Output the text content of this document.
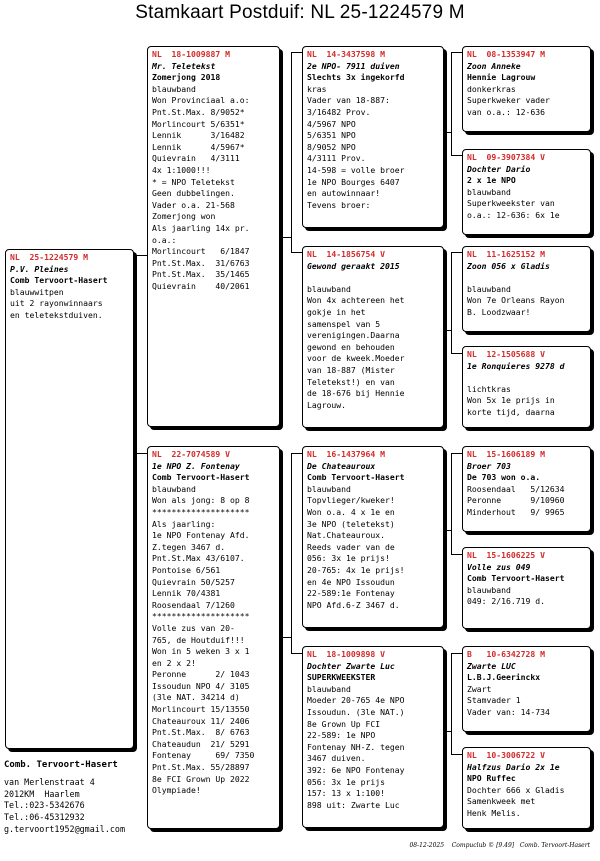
Stamkaart Postduif: NL 25-1224579 M
NL  25-1224579 M
P.V. Pleines
Comb Tervoort-Hasert
blauwwitpen
uit 2 rayonwinnaars
en teletekstduiven.
NL  18-1009887 M
Mr. Teletekst
Zomerjong 2018
blauwband
Won Provinciaal a.o:
Pnt.St.Max. 8/9052*
Morlincourt 5/6351*
Lennik      3/16482
Lennik      4/5967*
Quievrain   4/3111
4x 1:1000!!!
* = NPO Teletekst
Geen dubbelingen.
Vader o.a. 21-568
Zomerjong won
Als jaarling 14x pr.
o.a.:
Morlincourt   6/1847
Pnt.St.Max.  31/6763
Pnt.St.Max.  35/1465
Quievrain    40/2061
NL  22-7074589 V
1e NPO Z. Fontenay
Comb Tervoort-Hasert
blauwband
Won als jong: 8 op 8
********************
Als jaarling:
1e NPO Fontenay Afd.
Z.tegen 3467 d.
Pnt.St.Max 43/6107.
Pontoise 6/561
Quievrain 50/5257
Lennik 70/4381
Roosendaal 7/1260
********************
Volle zus van 20-
765, de Houtduif!!!
Won in 5 weken 3 x 1
en 2 x 2!
Peronne      2/ 1043
Issoudun NPO 4/ 3105
(3le NAT. 34214 d)
Morlincourt 15/13550
Chateauroux 11/ 2406
Pnt.St.Max.  8/ 6763
Chateaudun  21/ 5291
Fontenay     69/ 7350
Pnt.St.Max. 55/28897
8e FCI Grown Up 2022
Olympiade!
NL  14-3437598 M
2e NPO- 7911 duiven
Slechts 3x ingekorfd
kras
Vader van 18-887:
3/16482 Prov.
4/5967 NPO
5/6351 NPO
8/9052 NPO
4/3111 Prov.
14-598 = volle broer
1e NPO Bourges 6407
en autowinnaar!
Tevens broer:
NL  14-1856754 V
Gewond geraakt 2015

blauwband
Won 4x achtereen het
gokje in het
samenspel van 5
verenigingen.Daarna
gewond en behouden
voor de kweek.Moeder
van 18-887 (Mister
Teletekst!) en van
de 18-676 bij Hennie
Lagrouw.
NL  16-1437964 M
De Chateauroux
Comb Tervoort-Hasert
blauwband
Topvlieger/kweker!
Won o.a. 4 x 1e en
3e NPO (teletekst)
Nat.Chateauroux.
Reeds vader van de
056: 3x 1e prijs!
20-765: 4x 1e prijs!
en 4e NPO Issoudun
22-589:1e Fontenay
NPO Afd.6-Z 3467 d.
NL  18-1009898 V
Dochter Zwarte Luc
SUPERKWEEKSTER
blauwband
Moeder 20-765 4e NPO
Issoudun. (3le NAT.)
8e Grown Up FCI
22-589: 1e NPO
Fontenay NH-Z. tegen
3467 duiven.
392: 6e NPO Fontenay
056: 3x 1e prijs
157: 13 x 1:100!
898 uit: Zwarte Luc
NL  08-1353947 M
Zoon Anneke
Hennie Lagrouw
donkerkras
Superkweker vader
van o.a.: 12-636
NL  09-3907384 V
Dochter Dario
2 x 1e NPO
blauwband
Superkweekster van
o.a.: 12-636: 6x 1e
NL  11-1625152 M
Zoon 056 x Gladis

blauwband
Won 7e Orleans Rayon
B. Loodzwaar!
NL  12-1505688 V
1e Ronquieres 9278 d

lichtkras
Won 5x 1e prijs in
korte tijd, daarna
NL  15-1606189 M
Broer 703
De 703 won o.a.
Roosendaal   5/12634
Peronne      9/10960
Minderhout   9/ 9965
NL  15-1606225 V
Volle zus 049
Comb Tervoort-Hasert
blauwband
049: 2/16.719 d.
B   10-6342728 M
Zwarte LUC
L.B.J.Geerinckx
Zwart
Stamvader 1
Vader van: 14-734
NL  10-3006722 V
Halfzus Dario 2x 1e
NPO Ruffec
Dochter 666 x Gladis
Samenkweek met
Henk Melis.
Comb. Tervoort-Hasert
van Merlenstraat 4
2012KM  Haarlem
Tel.:023-5342676
Tel.:06-45312932
g.tervoort1952@gmail.com
08-12-2025    Compuclub © [9.49]   Comb. Tervoort-Hasert
